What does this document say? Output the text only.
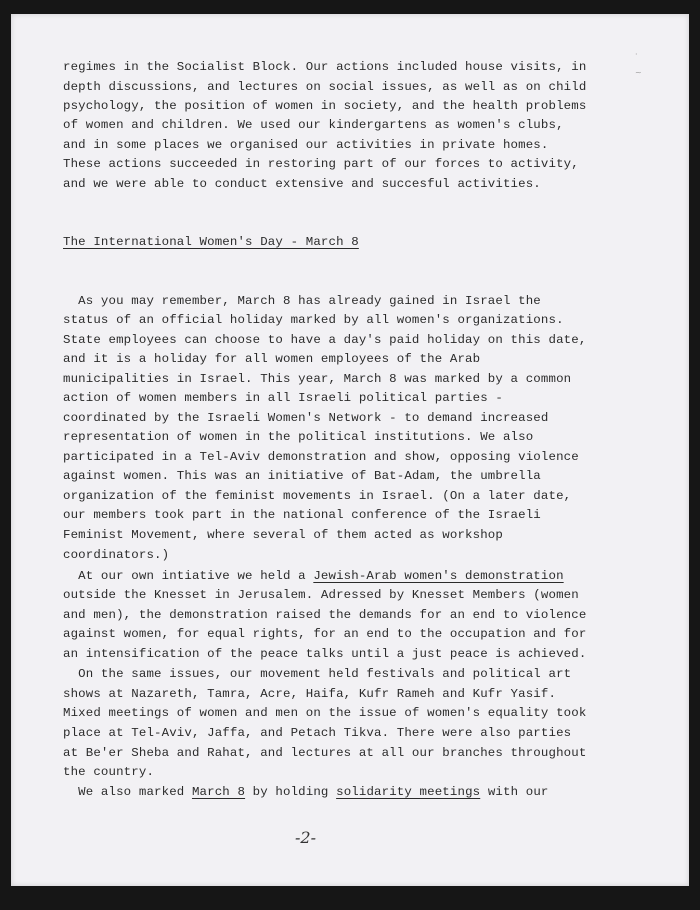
·

~
regimes in the Socialist Block. Our actions included house visits, in
depth discussions, and lectures on social issues, as well as on child
psychology, the position of women in society, and the health problems
of women and children. We used our kindergartens as women's clubs,
and in some places we organised our activities in private homes.
These actions succeeded in restoring part of our forces to activity,
and we were able to conduct extensive and succesful activities.
The International Women's Day - March 8
As you may remember, March 8 has already gained in Israel the
status of an official holiday marked by all women's organizations.
State employees can choose to have a day's paid holiday on this date,
and it is a holiday for all women employees of the Arab
municipalities in Israel. This year, March 8 was marked by a common
action of women members in all Israeli political parties -
coordinated by the Israeli Women's Network - to demand increased
representation of women in the political institutions. We also
participated in a Tel-Aviv demonstration and show, opposing violence
against women. This was an initiative of Bat-Adam, the umbrella
organization of the feminist movements in Israel. (On a later date,
our members took part in the national conference of the Israeli
Feminist Movement, where several of them acted as workshop
coordinators.)
At our own intiative we held a Jewish-Arab women's demonstration
outside the Knesset in Jerusalem. Adressed by Knesset Members (women
and men), the demonstration raised the demands for an end to violence
against women, for equal rights, for an end to the occupation and for
an intensification of the peace talks until a just peace is achieved.
On the same issues, our movement held festivals and political art
shows at Nazareth, Tamra, Acre, Haifa, Kufr Rameh and Kufr Yasif.
Mixed meetings of women and men on the issue of women's equality took
place at Tel-Aviv, Jaffa, and Petach Tikva. There were also parties
at Be'er Sheba and Rahat, and lectures at all our branches throughout
the country.
We also marked March 8 by holding solidarity meetings with our
-2-
